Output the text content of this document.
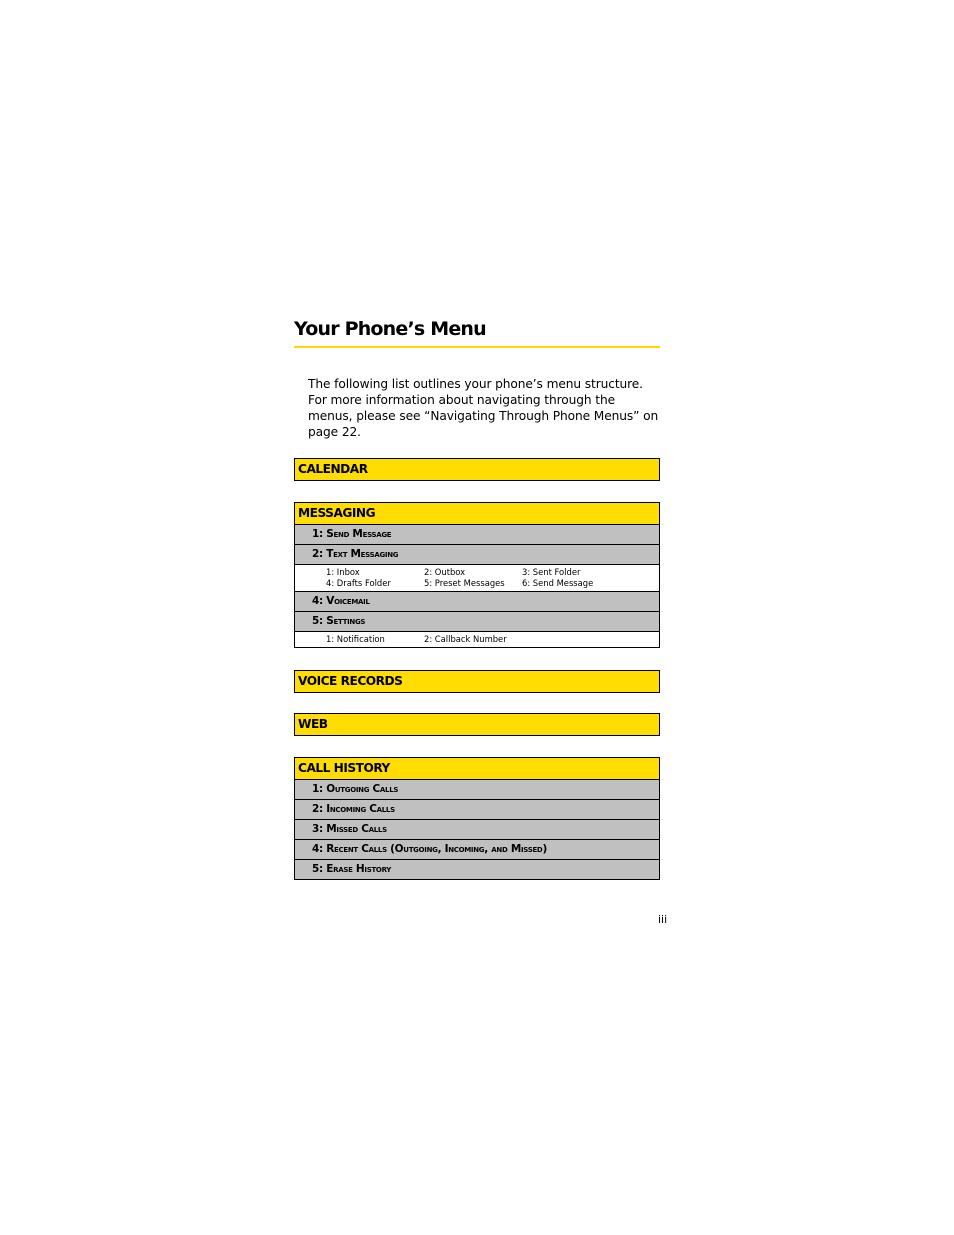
Your Phone’s Menu

The following list outlines your phone’s menu structure. For more information about navigating through the menus, please see “Navigating Through Phone Menus” on page 22.

CALENDAR
MESSAGING
1: Send Message
2: Text Messaging
1: Inbox	2: Outbox	3: Sent Folder
4: Drafts Folder	5: Preset Messages	6: Send Message
4: Voicemail
5: Settings
1: Notification	2: Callback Number
VOICE RECORDS
WEB
CALL HISTORY
1: Outgoing Calls
2: Incoming Calls
3: Missed Calls
4: Recent Calls (Outgoing, Incoming, and Missed)
5: Erase History
iii
